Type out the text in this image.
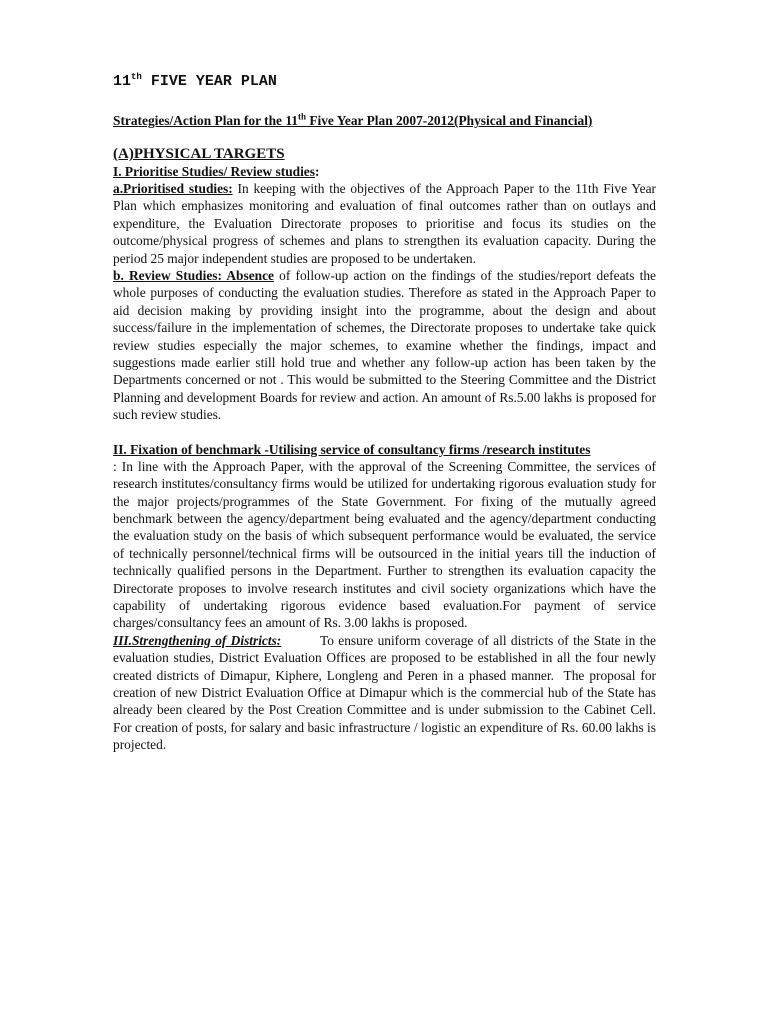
11th FIVE YEAR PLAN
Strategies/Action Plan for the 11th Five Year Plan 2007-2012(Physical and Financial)
(A)PHYSICAL TARGETS
I. Prioritise Studies/ Review studies:

a.Prioritised studies: In keeping with the objectives of the Approach Paper to the 11th Five Year Plan which emphasizes monitoring and evaluation of final outcomes rather than on outlays and expenditure, the Evaluation Directorate proposes to prioritise and focus its studies on the outcome/physical progress of schemes and plans to strengthen its evaluation capacity. During the period 25 major independent studies are proposed to be undertaken.

b. Review Studies: Absence of follow-up action on the findings of the studies/report defeats the whole purposes of conducting the evaluation studies. Therefore as stated in the Approach Paper to aid decision making by providing insight into the programme, about the design and about success/failure in the implementation of schemes, the Directorate proposes to undertake take quick review studies especially the major schemes, to examine whether the findings, impact and suggestions made earlier still hold true and whether any follow-up action has been taken by the Departments concerned or not . This would be submitted to the Steering Committee and the District Planning and development Boards for review and action. An amount of Rs.5.00 lakhs is proposed for such review studies.

II. Fixation of benchmark -Utilising service of consultancy firms /research institutes

: In line with the Approach Paper, with the approval of the Screening Committee, the services of research institutes/consultancy firms would be utilized for undertaking rigorous evaluation study for the major projects/programmes of the State Government. For fixing of the mutually agreed benchmark between the agency/department being evaluated and the agency/department conducting the evaluation study on the basis of which subsequent performance would be evaluated, the service of technically personnel/technical firms will be outsourced in the initial years till the induction of technically qualified persons in the Department. Further to strengthen its evaluation capacity the Directorate proposes to involve research institutes and civil society organizations which have the capability of undertaking rigorous evidence based evaluation.For payment of service charges/consultancy fees an amount of Rs. 3.00 lakhs is proposed.

III.Strengthening of Districts:         To ensure uniform coverage of all districts of the State in the evaluation studies, District Evaluation Offices are proposed to be established in all the four newly created districts of Dimapur, Kiphere, Longleng and Peren in a phased manner.  The proposal for creation of new District Evaluation Office at Dimapur which is the commercial hub of the State has already been cleared by the Post Creation Committee and is under submission to the Cabinet Cell. For creation of posts, for salary and basic infrastructure / logistic an expenditure of Rs. 60.00 lakhs is   projected.
